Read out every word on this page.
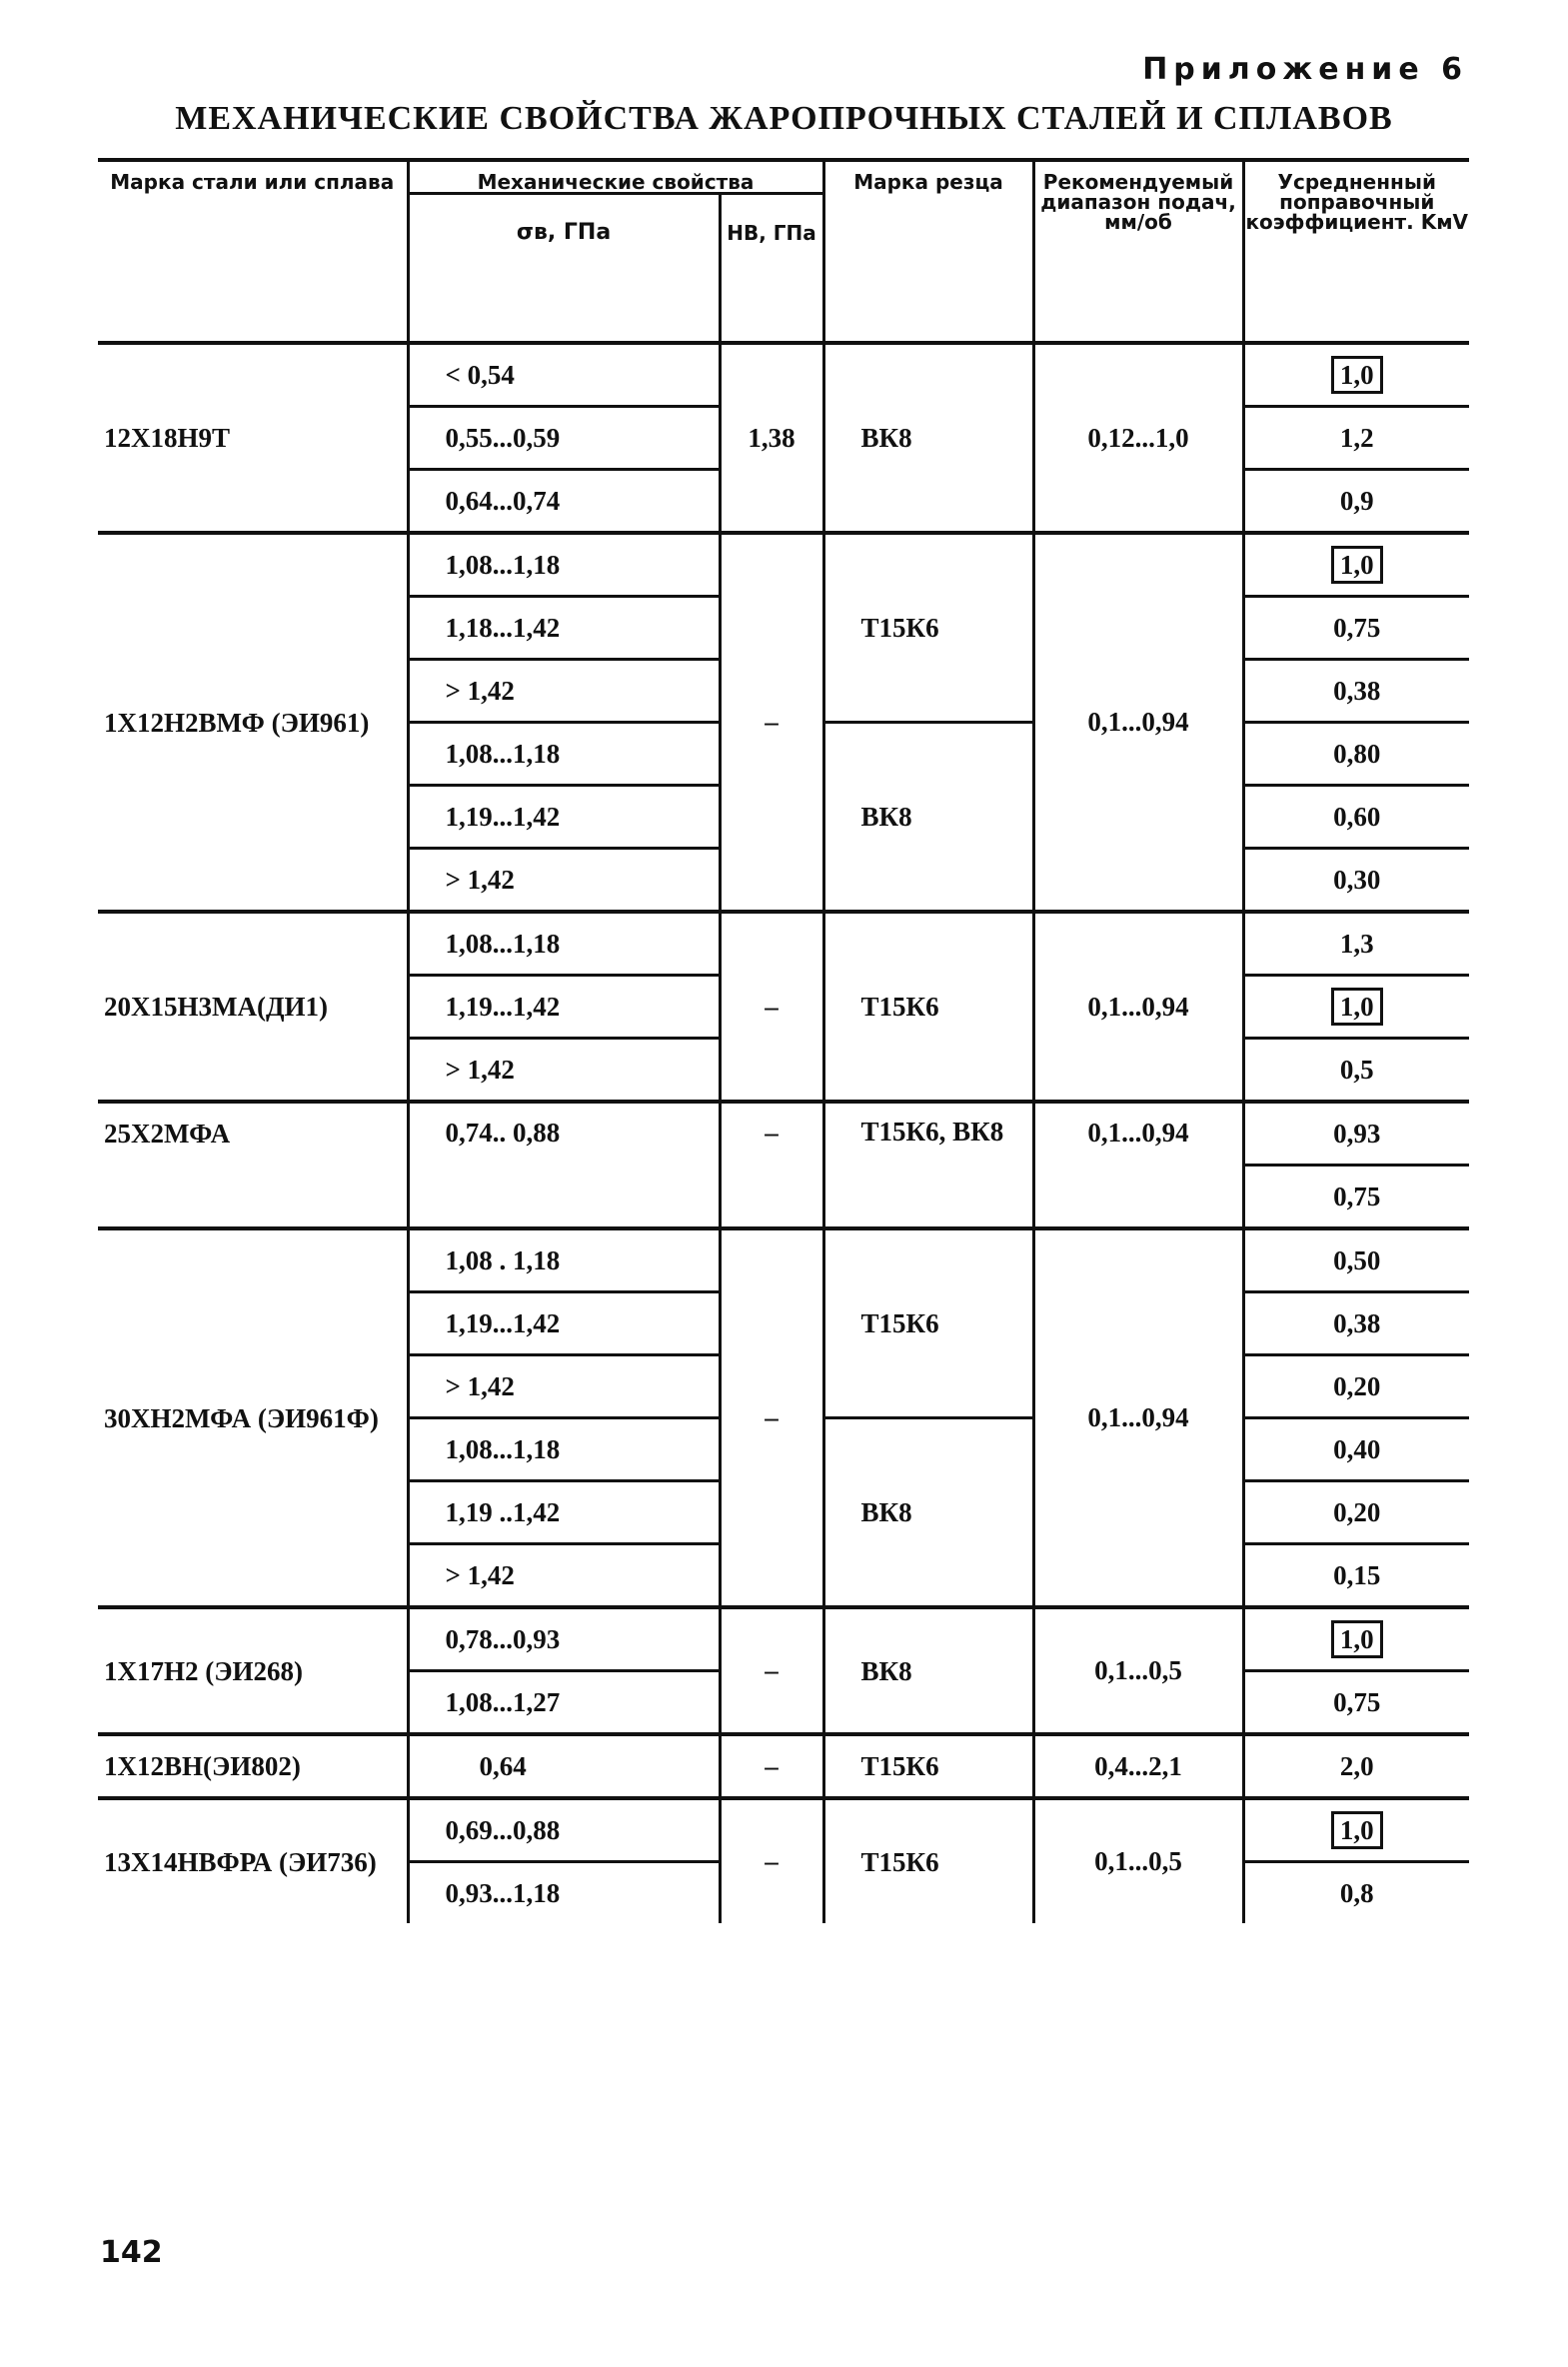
Приложение 6
МЕХАНИЧЕСКИЕ СВОЙСТВА ЖАРОПРОЧНЫХ СТАЛЕЙ И СПЛАВОВ
Марка стали или сплава	Механические свойства		Марка резца	Рекомендуемый диапазон подач, мм/об	Усредненный поправочный коэффициент. KмV
	σв, ГПа	НВ, ГПа			
12Х18Н9Т	< 0,54	1,38	ВК8	0,12...1,0	1,0
	0,55...0,59				1,2
	0,64...0,74				0,9
1Х12Н2ВМФ (ЭИ961)	1,08...1,18	–	Т15К6	0,1...0,94	1,0
	1,18...1,42				0,75
	> 1,42				0,38
	1,08...1,18		ВК8		0,80
	1,19...1,42				0,60
	> 1,42				0,30
20Х15Н3МА(ДИ1)	1,08...1,18	–	Т15К6	0,1...0,94	1,3
	1,19...1,42				1,0
	> 1,42				0,5
25Х2МФА	0,74.. 0,88	–	Т15К6, ВК8	0,1...0,94	0,93
					0,75
30ХН2МФА (ЭИ961Ф)	1,08 . 1,18	–	Т15К6	0,1...0,94	0,50
	1,19...1,42				0,38
	> 1,42				0,20
	1,08...1,18		ВК8		0,40
	1,19 ..1,42				0,20
	> 1,42				0,15
1Х17Н2 (ЭИ268)	0,78...0,93	–	ВК8	0,1...0,5	1,0
	1,08...1,27				0,75
1Х12ВН(ЭИ802)	0,64	–	Т15К6	0,4...2,1	2,0
13Х14НВФРА (ЭИ736)	0,69...0,88	–	Т15К6	0,1...0,5	1,0
	0,93...1,18				0,8
142
